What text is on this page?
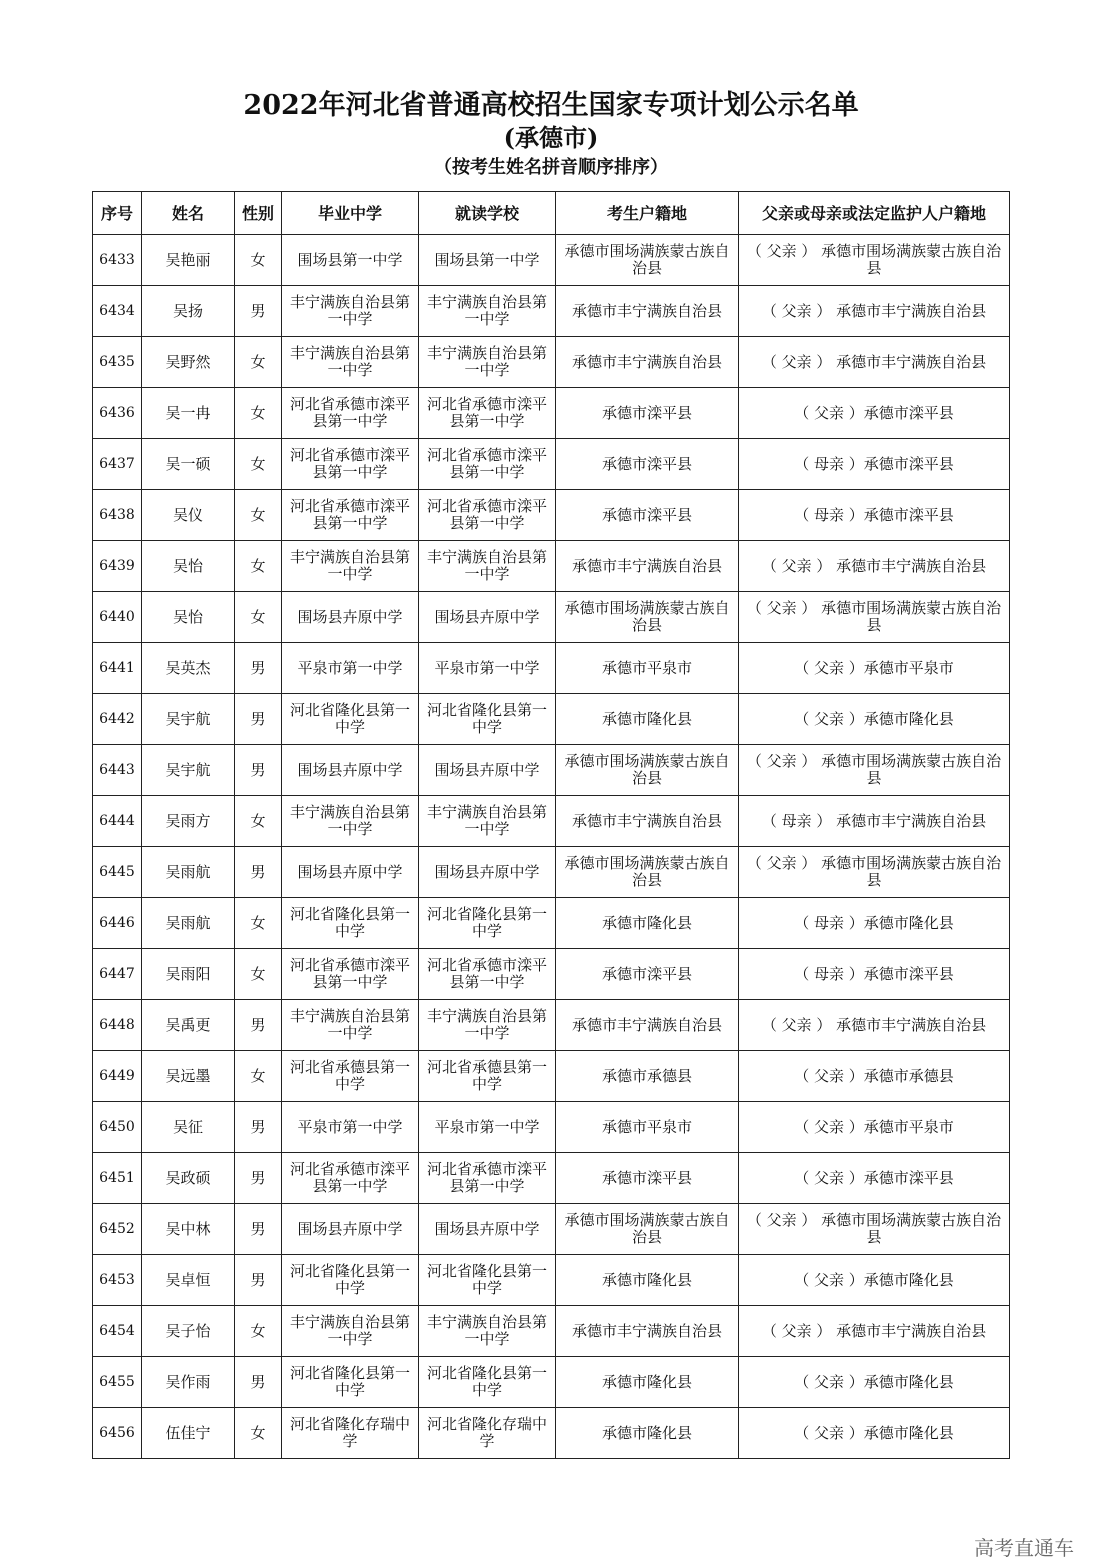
2022年河北省普通高校招生国家专项计划公示名单
(承德市)
（按考生姓名拼音顺序排序）
序号	姓名	性别	毕业中学	就读学校	考生户籍地	父亲或母亲或法定监护人户籍地
6433	吴艳丽	女	围场县第一中学	围场县第一中学	承德市围场满族蒙古族自治县	（ 父亲 ） 承德市围场满族蒙古族自治县
6434	吴扬	男	丰宁满族自治县第一中学	丰宁满族自治县第一中学	承德市丰宁满族自治县	（ 父亲 ） 承德市丰宁满族自治县
6435	吴野然	女	丰宁满族自治县第一中学	丰宁满族自治县第一中学	承德市丰宁满族自治县	（ 父亲 ） 承德市丰宁满族自治县
6436	吴一冉	女	河北省承德市滦平县第一中学	河北省承德市滦平县第一中学	承德市滦平县	（ 父亲 ）承德市滦平县
6437	吴一硕	女	河北省承德市滦平县第一中学	河北省承德市滦平县第一中学	承德市滦平县	（ 母亲 ）承德市滦平县
6438	吴仪	女	河北省承德市滦平县第一中学	河北省承德市滦平县第一中学	承德市滦平县	（ 母亲 ）承德市滦平县
6439	吴怡	女	丰宁满族自治县第一中学	丰宁满族自治县第一中学	承德市丰宁满族自治县	（ 父亲 ） 承德市丰宁满族自治县
6440	吴怡	女	围场县卉原中学	围场县卉原中学	承德市围场满族蒙古族自治县	（ 父亲 ） 承德市围场满族蒙古族自治县
6441	吴英杰	男	平泉市第一中学	平泉市第一中学	承德市平泉市	（ 父亲 ）承德市平泉市
6442	吴宇航	男	河北省隆化县第一中学	河北省隆化县第一中学	承德市隆化县	（ 父亲 ）承德市隆化县
6443	吴宇航	男	围场县卉原中学	围场县卉原中学	承德市围场满族蒙古族自治县	（ 父亲 ） 承德市围场满族蒙古族自治县
6444	吴雨方	女	丰宁满族自治县第一中学	丰宁满族自治县第一中学	承德市丰宁满族自治县	（ 母亲 ） 承德市丰宁满族自治县
6445	吴雨航	男	围场县卉原中学	围场县卉原中学	承德市围场满族蒙古族自治县	（ 父亲 ） 承德市围场满族蒙古族自治县
6446	吴雨航	女	河北省隆化县第一中学	河北省隆化县第一中学	承德市隆化县	（ 母亲 ）承德市隆化县
6447	吴雨阳	女	河北省承德市滦平县第一中学	河北省承德市滦平县第一中学	承德市滦平县	（ 母亲 ）承德市滦平县
6448	吴禹更	男	丰宁满族自治县第一中学	丰宁满族自治县第一中学	承德市丰宁满族自治县	（ 父亲 ） 承德市丰宁满族自治县
6449	吴远墨	女	河北省承德县第一中学	河北省承德县第一中学	承德市承德县	（ 父亲 ）承德市承德县
6450	吴征	男	平泉市第一中学	平泉市第一中学	承德市平泉市	（ 父亲 ）承德市平泉市
6451	吴政硕	男	河北省承德市滦平县第一中学	河北省承德市滦平县第一中学	承德市滦平县	（ 父亲 ）承德市滦平县
6452	吴中林	男	围场县卉原中学	围场县卉原中学	承德市围场满族蒙古族自治县	（ 父亲 ） 承德市围场满族蒙古族自治县
6453	吴卓恒	男	河北省隆化县第一中学	河北省隆化县第一中学	承德市隆化县	（ 父亲 ）承德市隆化县
6454	吴子怡	女	丰宁满族自治县第一中学	丰宁满族自治县第一中学	承德市丰宁满族自治县	（ 父亲 ） 承德市丰宁满族自治县
6455	吴作雨	男	河北省隆化县第一中学	河北省隆化县第一中学	承德市隆化县	（ 父亲 ）承德市隆化县
6456	伍佳宁	女	河北省隆化存瑞中学	河北省隆化存瑞中学	承德市隆化县	（ 父亲 ）承德市隆化县
高考直通车
